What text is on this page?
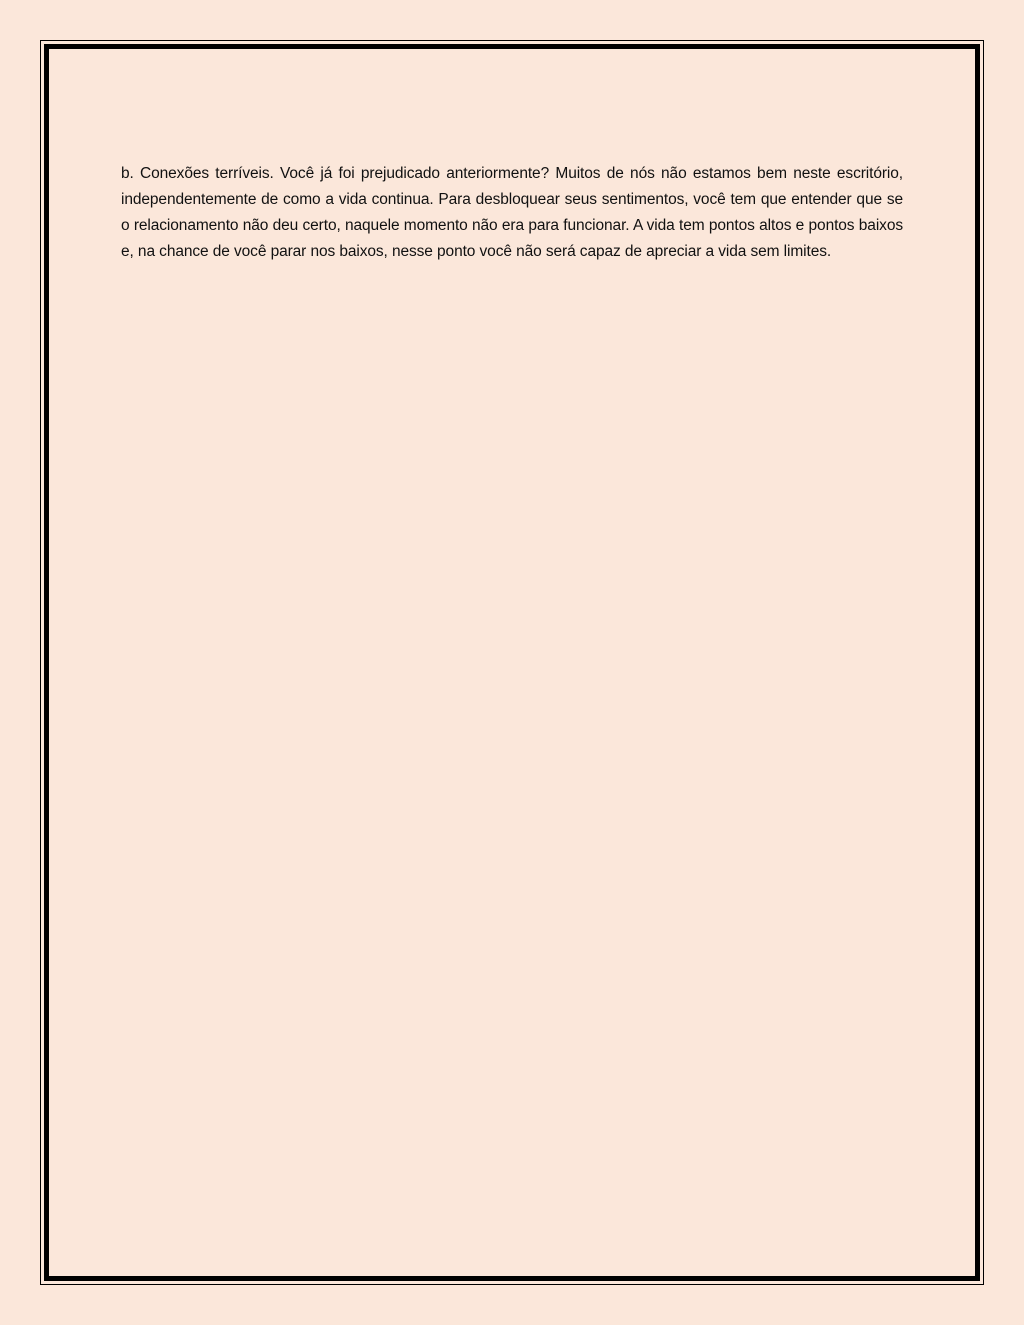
b. Conexões terríveis. Você já foi prejudicado anteriormente? Muitos de nós não estamos bem neste escritório, independentemente de como a vida continua. Para desbloquear seus sentimentos, você tem que entender que se o relacionamento não deu certo, naquele momento não era para funcionar. A vida tem pontos altos e pontos baixos e, na chance de você parar nos baixos, nesse ponto você não será capaz de apreciar a vida sem limites.
